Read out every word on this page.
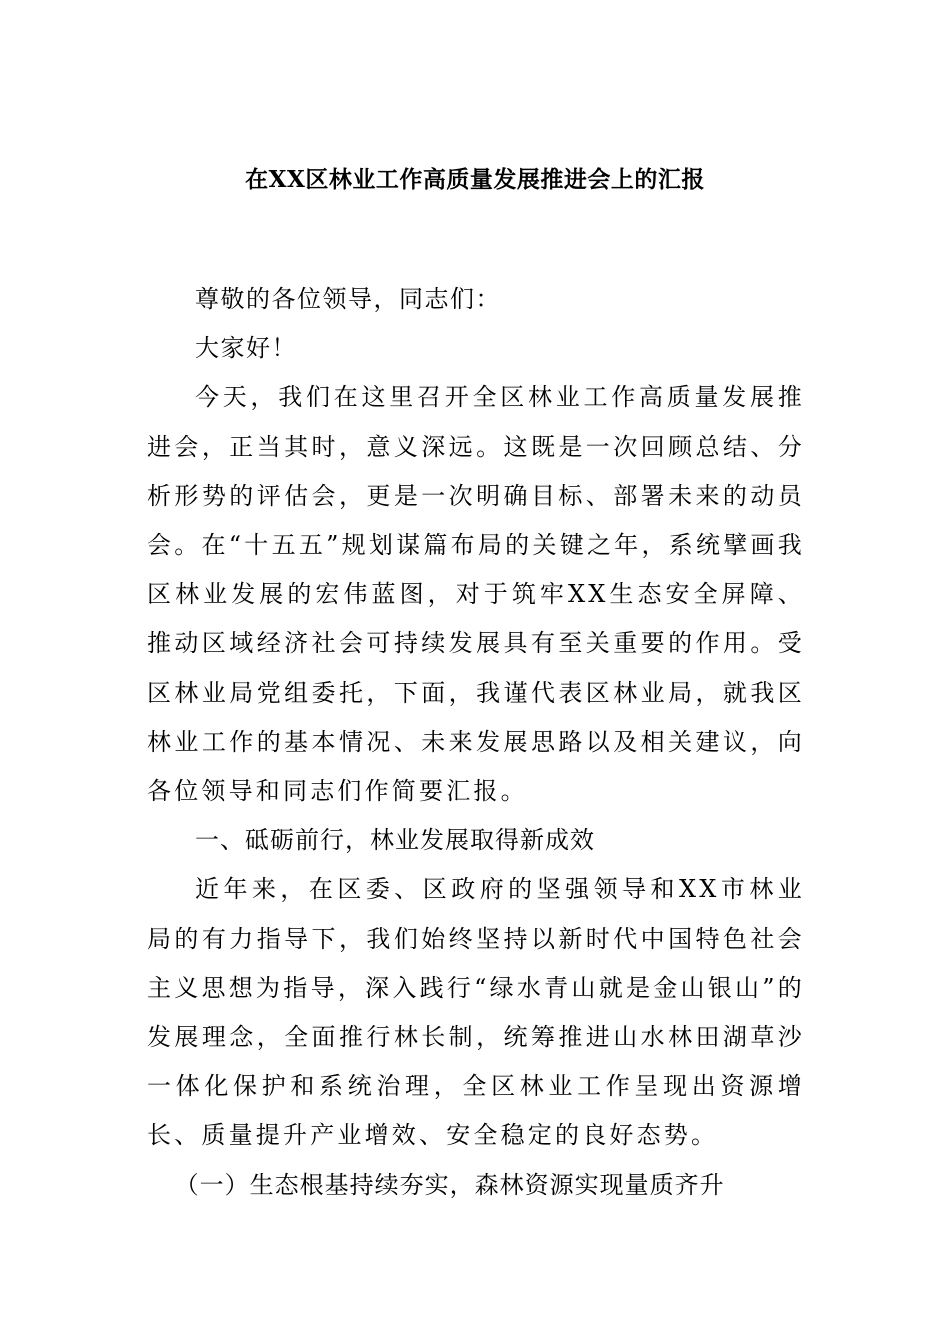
在XX区林业工作高质量发展推进会上的汇报

尊敬的各位领导，同志们：

大家好！

今天，我们在这里召开全区林业工作高质量发展推进会，正当其时，意义深远。这既是一次回顾总结、分析形势的评估会，更是一次明确目标、部署未来的动员会。在“十五五”规划谋篇布局的关键之年，系统擘画我区林业发展的宏伟蓝图，对于筑牢XX生态安全屏障、推动区域经济社会可持续发展具有至关重要的作用。受区林业局党组委托，下面，我谨代表区林业局，就我区林业工作的基本情况、未来发展思路以及相关建议，向各位领导和同志们作简要汇报。

一、砥砺前行，林业发展取得新成效

近年来，在区委、区政府的坚强领导和XX市林业局的有力指导下，我们始终坚持以新时代中国特色社会主义思想为指导，深入践行“绿水青山就是金山银山”的发展理念，全面推行林长制，统筹推进山水林田湖草沙一体化保护和系统治理，全区林业工作呈现出资源增长、质量提升产业增效、安全稳定的良好态势。

（一）生态根基持续夯实，森林资源实现量质齐升
